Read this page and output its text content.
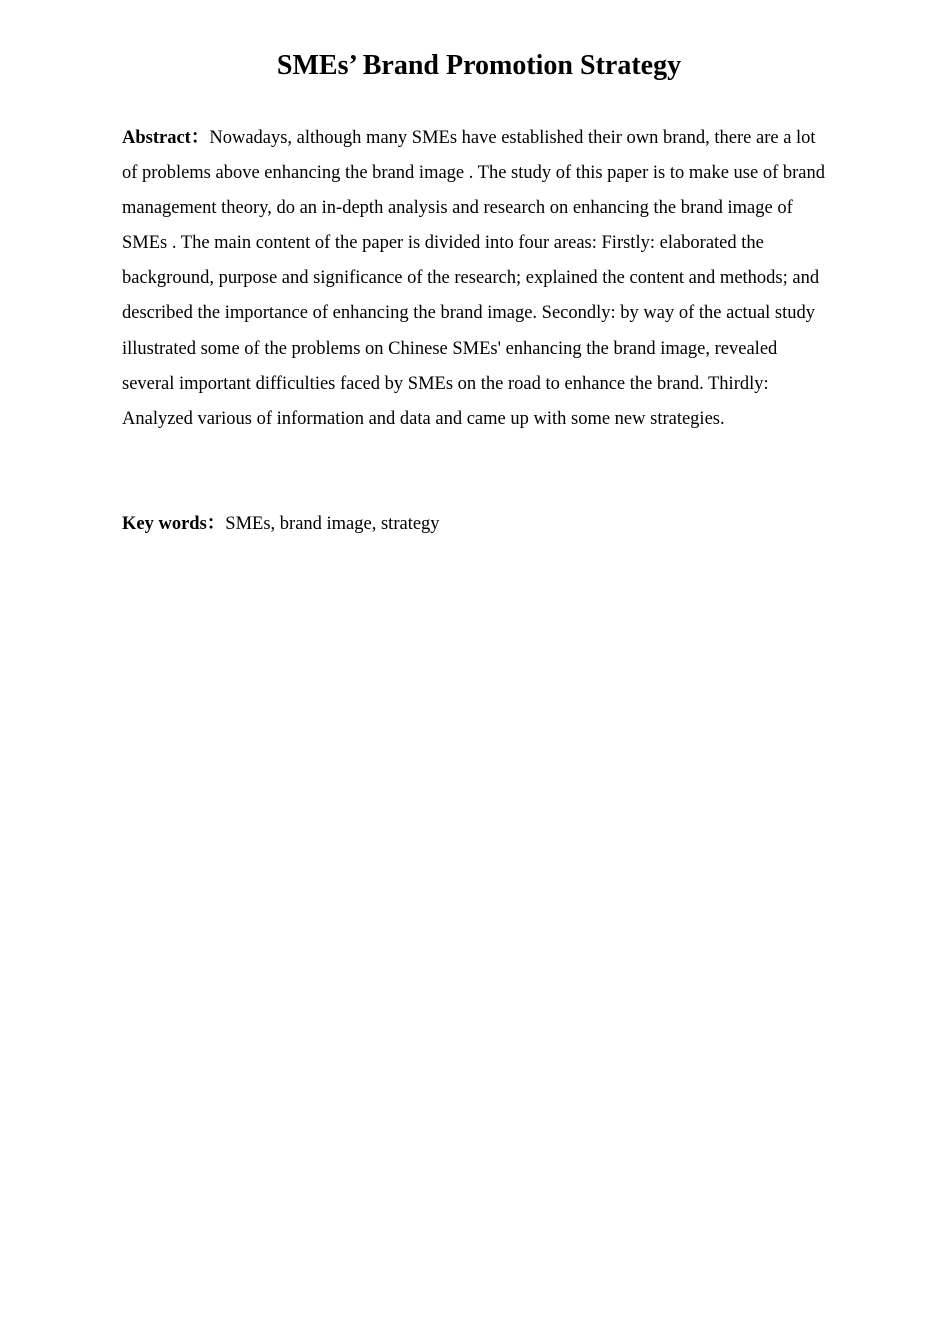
SMEs’ Brand Promotion Strategy

Abstract：Nowadays, although many SMEs have established their own brand, there are a lot of problems above enhancing the brand image . The study of this paper is to make use of brand management theory, do an in-depth analysis and research on enhancing the brand image of SMEs . The main content of the paper is divided into four areas: Firstly: elaborated the background, purpose and significance of the research; explained the content and methods; and described the importance of enhancing the brand image. Secondly: by way of the actual study illustrated some of the problems on Chinese SMEs' enhancing the brand image, revealed several important difficulties faced by SMEs on the road to enhance the brand. Thirdly: Analyzed various of information and data and came up with some new strategies.

Key words：SMEs, brand image, strategy
